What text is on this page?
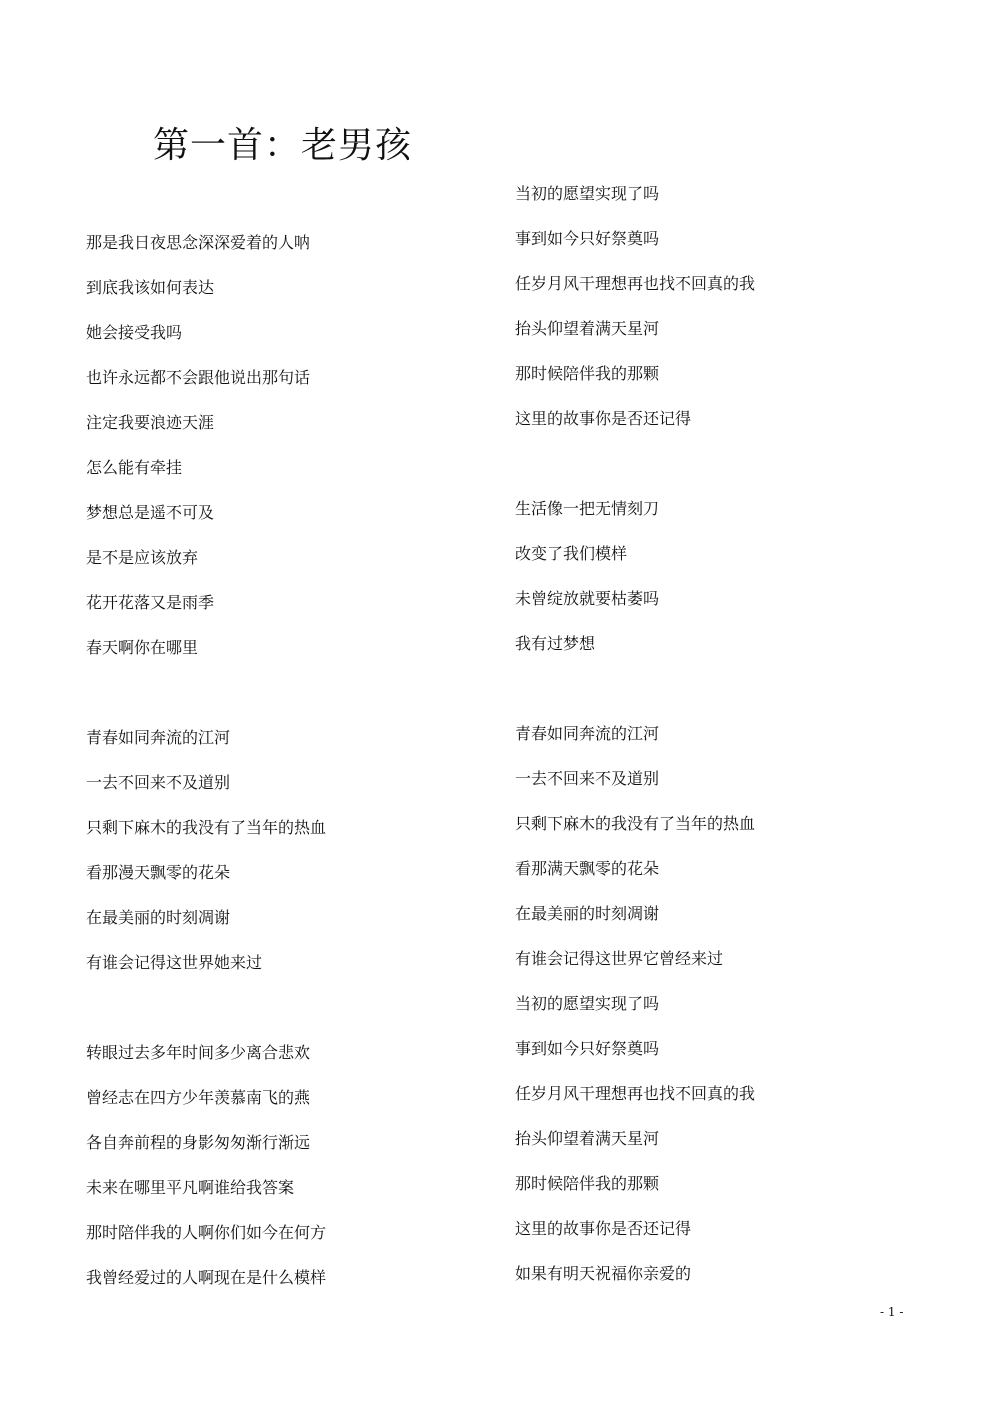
第一首：老男孩
那是我日夜思念深深爱着的人呐
到底我该如何表达
她会接受我吗
也许永远都不会跟他说出那句话
注定我要浪迹天涯
怎么能有牵挂
梦想总是遥不可及
是不是应该放弃
花开花落又是雨季
春天啊你在哪里
青春如同奔流的江河
一去不回来不及道别
只剩下麻木的我没有了当年的热血
看那漫天飘零的花朵
在最美丽的时刻凋谢
有谁会记得这世界她来过
转眼过去多年时间多少离合悲欢
曾经志在四方少年羡慕南飞的燕
各自奔前程的身影匆匆渐行渐远
未来在哪里平凡啊谁给我答案
那时陪伴我的人啊你们如今在何方
我曾经爱过的人啊现在是什么模样
当初的愿望实现了吗
事到如今只好祭奠吗
任岁月风干理想再也找不回真的我
抬头仰望着满天星河
那时候陪伴我的那颗
这里的故事你是否还记得
生活像一把无情刻刀
改变了我们模样
未曾绽放就要枯萎吗
我有过梦想
青春如同奔流的江河
一去不回来不及道别
只剩下麻木的我没有了当年的热血
看那满天飘零的花朵
在最美丽的时刻凋谢
有谁会记得这世界它曾经来过
当初的愿望实现了吗
事到如今只好祭奠吗
任岁月风干理想再也找不回真的我
抬头仰望着满天星河
那时候陪伴我的那颗
这里的故事你是否还记得
如果有明天祝福你亲爱的
- 1 -
